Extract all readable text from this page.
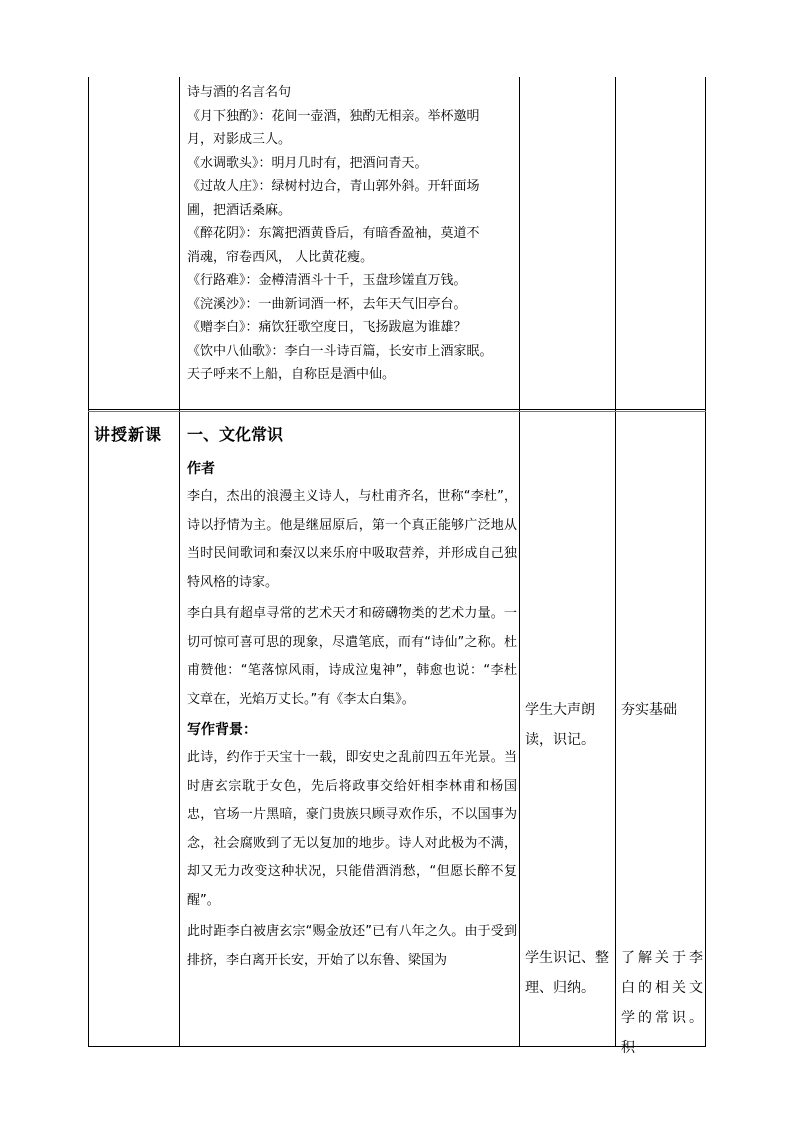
诗与酒的名言名句
《月下独酌》：花间一壶酒，独酌无相亲。举杯邀明
月，对影成三人。
《水调歌头》：明月几时有，把酒问青天。
《过故人庄》：绿树村边合，青山郭外斜。开轩面场
圃，把酒话桑麻。
《醉花阴》：东篱把酒黄昏后，有暗香盈袖，莫道不
消魂，帘卷西风， 人比黄花瘦。
《行路难》：金樽清酒斗十千，玉盘珍馐直万钱。
《浣溪沙》：一曲新词酒一杯，去年天气旧亭台。
《赠李白》：痛饮狂歌空度日，飞扬跋扈为谁雄？
《饮中八仙歌》：李白一斗诗百篇，长安市上酒家眠。
天子呼来不上船，自称臣是酒中仙。
讲授新课 一、文化常识
作者

李白，杰出的浪漫主义诗人，与杜甫齐名，世称“李杜”，诗以抒情为主。他是继屈原后，第一个真正能够广泛地从当时民间歌词和秦汉以来乐府中吸取营养，并形成自己独特风格的诗家。

李白具有超卓寻常的艺术天才和磅礴物类的艺术力量。一切可惊可喜可思的现象，尽遣笔底，而有“诗仙”之称。杜甫赞他：“笔落惊风雨，诗成泣鬼神”，韩愈也说：“李杜文章在，光焰万丈长。”有《李太白集》。

写作背景：

此诗，约作于天宝十一载，即安史之乱前四五年光景。当时唐玄宗耽于女色，先后将政事交给奸相李林甫和杨国忠，官场一片黑暗，豪门贵族只顾寻欢作乐，不以国事为念，社会腐败到了无以复加的地步。诗人对此极为不满，却又无力改变这种状况，只能借酒消愁，“但愿长醉不复醒”。

此时距李白被唐玄宗“赐金放还”已有八年之久。由于受到排挤，李白离开长安，开始了以东鲁、梁国为

学生大声朗读，识记。
学生识记、整理、归纳。
夯实基础
了解关于李白的相关文学的常识。积
